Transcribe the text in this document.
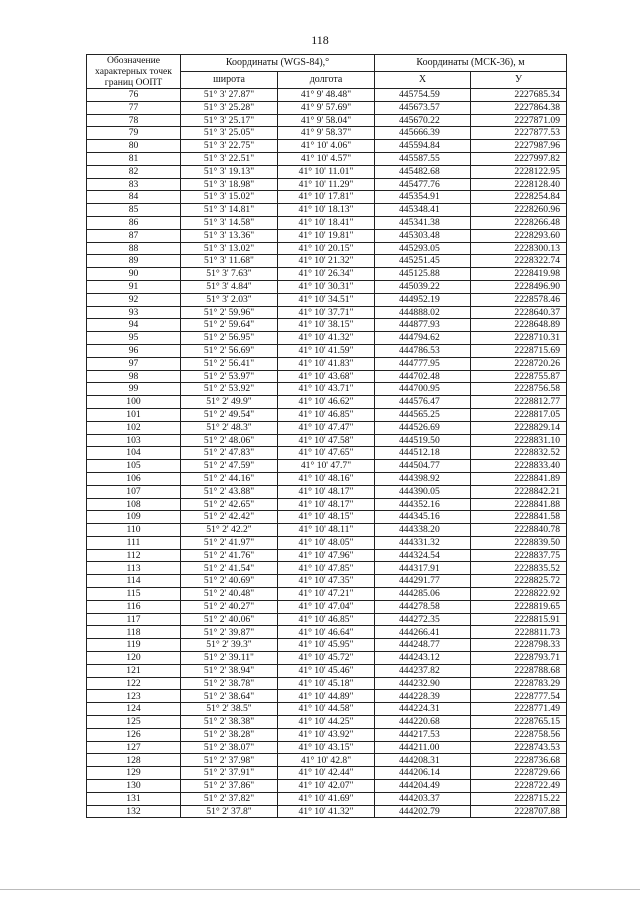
118
Обозначение характерных точек границ ООПТ	Координаты (WGS-84),°		Координаты (МСК-36), м	
	широта	долгота	X	У
76	51° 3' 27.87"	41° 9' 48.48"	445754.59	2227685.34
77	51° 3' 25.28"	41° 9' 57.69"	445673.57	2227864.38
78	51° 3' 25.17"	41° 9' 58.04"	445670.22	2227871.09
79	51° 3' 25.05"	41° 9' 58.37"	445666.39	2227877.53
80	51° 3' 22.75"	41° 10' 4.06"	445594.84	2227987.96
81	51° 3' 22.51"	41° 10' 4.57"	445587.55	2227997.82
82	51° 3' 19.13"	41° 10' 11.01"	445482.68	2228122.95
83	51° 3' 18.98"	41° 10' 11.29"	445477.76	2228128.40
84	51° 3' 15.02"	41° 10' 17.81"	445354.91	2228254.84
85	51° 3' 14.81"	41° 10' 18.13"	445348.41	2228260.96
86	51° 3' 14.58"	41° 10' 18.41"	445341.38	2228266.48
87	51° 3' 13.36"	41° 10' 19.81"	445303.48	2228293.60
88	51° 3' 13.02"	41° 10' 20.15"	445293.05	2228300.13
89	51° 3' 11.68"	41° 10' 21.32"	445251.45	2228322.74
90	51° 3' 7.63"	41° 10' 26.34"	445125.88	2228419.98
91	51° 3' 4.84"	41° 10' 30.31"	445039.22	2228496.90
92	51° 3' 2.03"	41° 10' 34.51"	444952.19	2228578.46
93	51° 2' 59.96"	41° 10' 37.71"	444888.02	2228640.37
94	51° 2' 59.64"	41° 10' 38.15"	444877.93	2228648.89
95	51° 2' 56.95"	41° 10' 41.32"	444794.62	2228710.31
96	51° 2' 56.69"	41° 10' 41.59"	444786.53	2228715.69
97	51° 2' 56.41"	41° 10' 41.83"	444777.95	2228720.26
98	51° 2' 53.97"	41° 10' 43.68"	444702.48	2228755.87
99	51° 2' 53.92"	41° 10' 43.71"	444700.95	2228756.58
100	51° 2' 49.9"	41° 10' 46.62"	444576.47	2228812.77
101	51° 2' 49.54"	41° 10' 46.85"	444565.25	2228817.05
102	51° 2' 48.3"	41° 10' 47.47"	444526.69	2228829.14
103	51° 2' 48.06"	41° 10' 47.58"	444519.50	2228831.10
104	51° 2' 47.83"	41° 10' 47.65"	444512.18	2228832.52
105	51° 2' 47.59"	41° 10' 47.7"	444504.77	2228833.40
106	51° 2' 44.16"	41° 10' 48.16"	444398.92	2228841.89
107	51° 2' 43.88"	41° 10' 48.17"	444390.05	2228842.21
108	51° 2' 42.65"	41° 10' 48.17"	444352.16	2228841.88
109	51° 2' 42.42"	41° 10' 48.15"	444345.16	2228841.58
110	51° 2' 42.2"	41° 10' 48.11"	444338.20	2228840.78
111	51° 2' 41.97"	41° 10' 48.05"	444331.32	2228839.50
112	51° 2' 41.76"	41° 10' 47.96"	444324.54	2228837.75
113	51° 2' 41.54"	41° 10' 47.85"	444317.91	2228835.52
114	51° 2' 40.69"	41° 10' 47.35"	444291.77	2228825.72
115	51° 2' 40.48"	41° 10' 47.21"	444285.06	2228822.92
116	51° 2' 40.27"	41° 10' 47.04"	444278.58	2228819.65
117	51° 2' 40.06"	41° 10' 46.85"	444272.35	2228815.91
118	51° 2' 39.87"	41° 10' 46.64"	444266.41	2228811.73
119	51° 2' 39.3"	41° 10' 45.95"	444248.77	2228798.33
120	51° 2' 39.11"	41° 10' 45.72"	444243.12	2228793.71
121	51° 2' 38.94"	41° 10' 45.46"	444237.82	2228788.68
122	51° 2' 38.78"	41° 10' 45.18"	444232.90	2228783.29
123	51° 2' 38.64"	41° 10' 44.89"	444228.39	2228777.54
124	51° 2' 38.5"	41° 10' 44.58"	444224.31	2228771.49
125	51° 2' 38.38"	41° 10' 44.25"	444220.68	2228765.15
126	51° 2' 38.28"	41° 10' 43.92"	444217.53	2228758.56
127	51° 2' 38.07"	41° 10' 43.15"	444211.00	2228743.53
128	51° 2' 37.98"	41° 10' 42.8"	444208.31	2228736.68
129	51° 2' 37.91"	41° 10' 42.44"	444206.14	2228729.66
130	51° 2' 37.86"	41° 10' 42.07"	444204.49	2228722.49
131	51° 2' 37.82"	41° 10' 41.69"	444203.37	2228715.22
132	51° 2' 37.8"	41° 10' 41.32"	444202.79	2228707.88
